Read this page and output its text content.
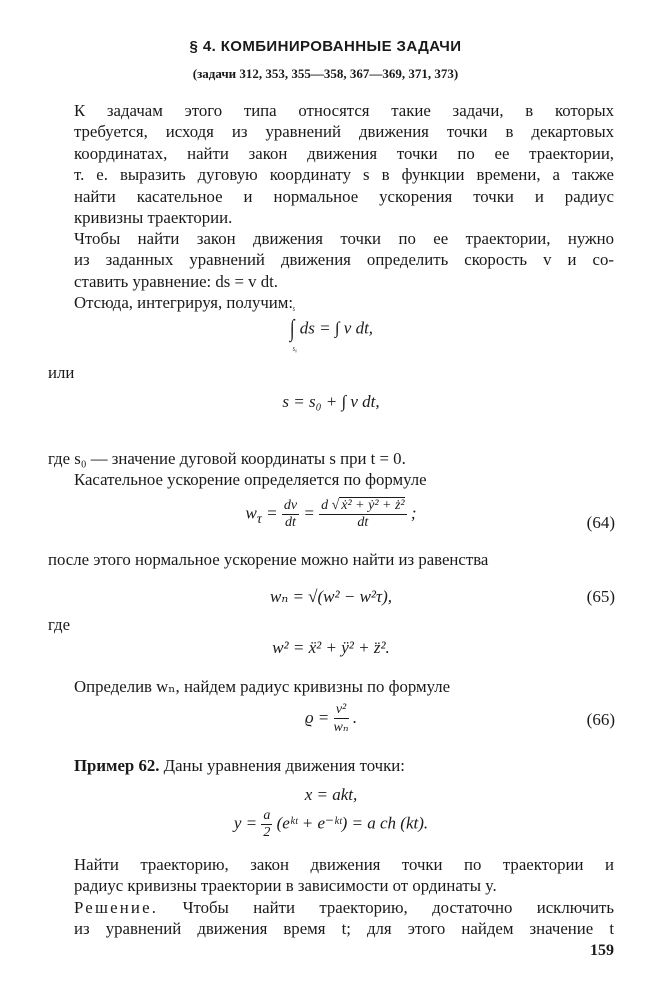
§ 4. КОМБИНИРОВАННЫЕ ЗАДАЧИ
(задачи 312, 353, 355—358, 367—369, 371, 373)
К задачам этого типа относятся такие задачи, в которых
требуется, исходя из уравнений движения точки в декартовых
координатах, найти закон движения точки по ее траектории,
т. е. выразить дуговую координату s в функции времени, а также
найти касательное и нормальное ускорения точки и радиус
кривизны траектории.
Чтобы найти закон движения точки по ее траектории, нужно
из заданных уравнений движения определить скорость v и со-
ставить уравнение: ds = v dt.
Отсюда, интегрируя, получим:
∫
s
s₀
ds = ∫ v dt,
или
s = s₀ + ∫ v dt,
где s₀ — значение дуговой координаты s при t = 0.
Касательное ускорение определяется по формуле
$w_\tau = \frac{dv}{dt} = \frac{\text{d √ ẋ² + ẏ² + ż²}}{dt}$ ;
(64)
после этого нормальное ускорение можно найти из равенства
wₙ = √(w² − w²τ),	(65)
где
w² = ẍ² + ÿ² + z̈².
Определив wₙ, найдем радиус кривизны по формуле
$ϱ = \frac{\text{v²}}{\text{wₙ}}$ .	(66)
Пример 62. Даны уравнения движения точки:
x = akt,
$y = \frac{a}{2}$ (eᵏᵗ + e⁻ᵏᵗ) = a ch (kt).
Найти траекторию, закон движения точки по траектории и
радиус кривизны траектории в зависимости от ординаты y.
Решение. Чтобы найти траекторию, достаточно исключить
из уравнений движения время t; для этого найдем значение t
159
